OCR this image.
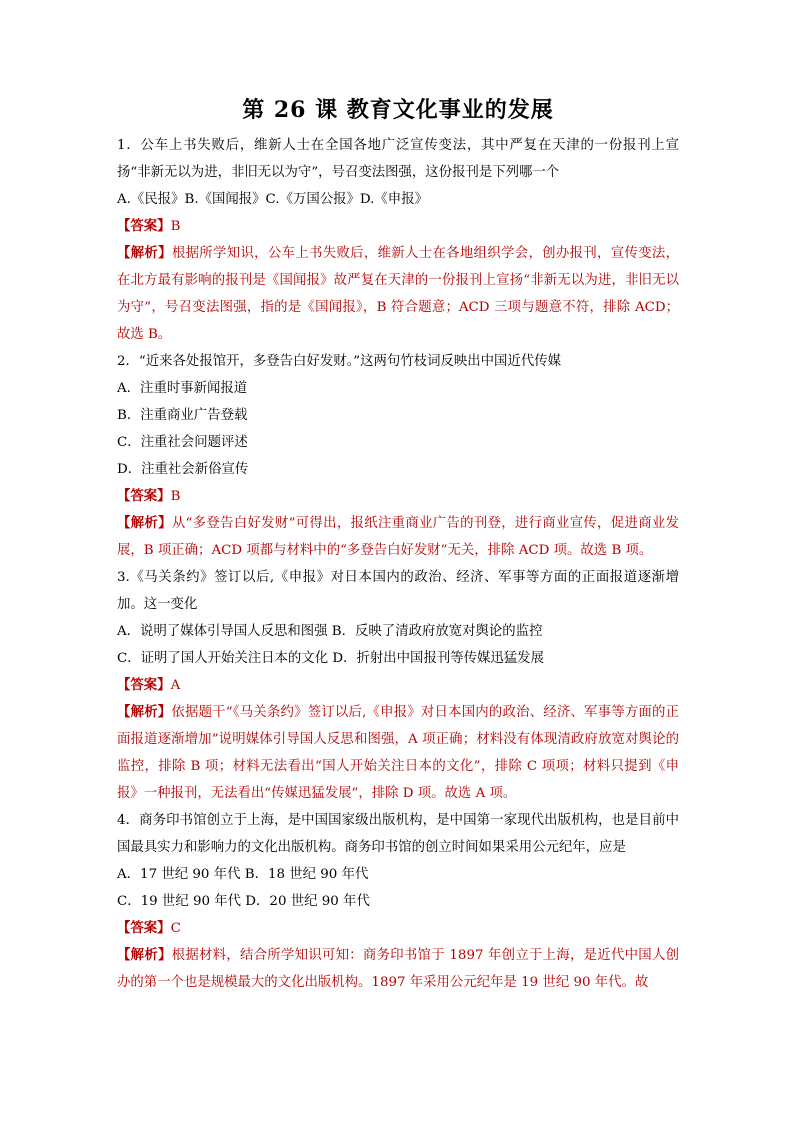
第 26 课 教育文化事业的发展

1．公车上书失败后，维新人士在全国各地广泛宣传变法，其中严复在天津的一份报刊上宣扬“非新无以为进，非旧无以为守”，号召变法图强，这份报刊是下列哪一个

A.《民报》B.《国闻报》C.《万国公报》D.《申报》

【答案】B

【解析】根据所学知识，公车上书失败后，维新人士在各地组织学会，创办报刊，宣传变法，在北方最有影响的报刊是《国闻报》故严复在天津的一份报刊上宣扬“非新无以为进，非旧无以为守”，号召变法图强，指的是《国闻报》，B 符合题意；ACD 三项与题意不符，排除 ACD；故选 B。

2．“近来各处报馆开，多登告白好发财。”这两句竹枝词反映出中国近代传媒

A．注重时事新闻报道

B．注重商业广告登载

C．注重社会问题评述

D．注重社会新俗宣传

【答案】B

【解析】从“多登告白好发财”可得出，报纸注重商业广告的刊登，进行商业宣传，促进商业发展，B 项正确；ACD 项都与材料中的“多登告白好发财”无关，排除 ACD 项。故选 B 项。

3.《马关条约》签订以后,《申报》对日本国内的政治、经济、军事等方面的正面报道逐渐增加。这一变化

A．说明了媒体引导国人反思和图强 B．反映了清政府放宽对舆论的监控

C．证明了国人开始关注日本的文化 D．折射出中国报刊等传媒迅猛发展

【答案】A

【解析】依据题干“《马关条约》签订以后,《申报》对日本国内的政治、经济、军事等方面的正面报道逐渐增加”说明媒体引导国人反思和图强，A 项正确；材料没有体现清政府放宽对舆论的监控，排除 B 项；材料无法看出“国人开始关注日本的文化”，排除 C 项项；材料只提到《申报》一种报刊，无法看出“传媒迅猛发展”，排除 D 项。故选 A 项。

4．商务印书馆创立于上海，是中国国家级出版机构，是中国第一家现代出版机构，也是目前中国最具实力和影响力的文化出版机构。商务印书馆的创立时间如果采用公元纪年，应是

A．17 世纪 90 年代 B．18 世纪 90 年代

C．19 世纪 90 年代 D．20 世纪 90 年代

【答案】C

【解析】根据材料，结合所学知识可知：商务印书馆于 1897 年创立于上海，是近代中国人创办的第一个也是规模最大的文化出版机构。1897 年采用公元纪年是 19 世纪 90 年代。故
